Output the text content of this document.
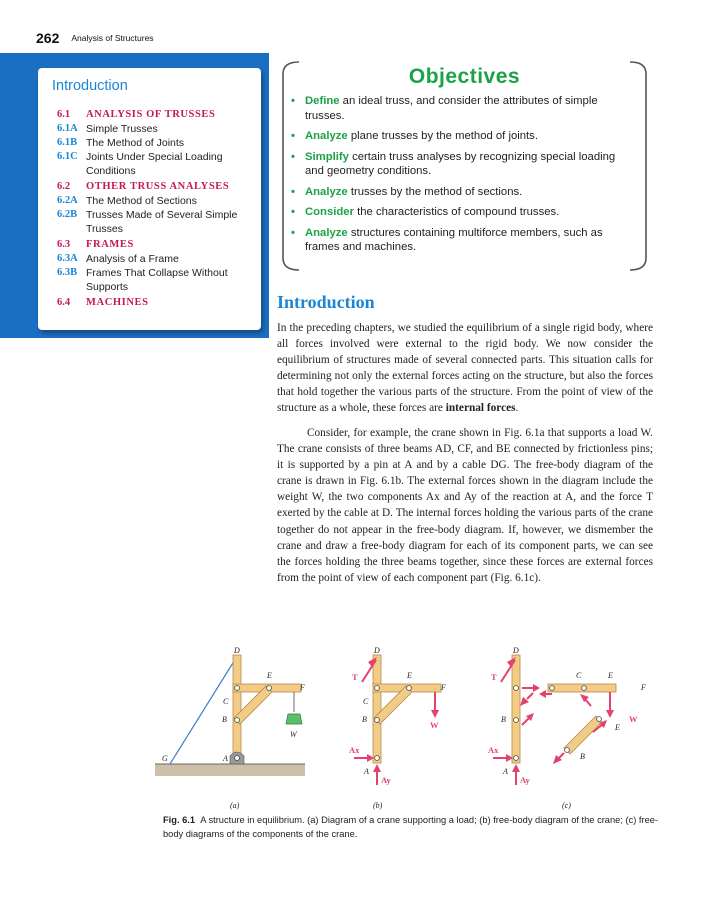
262 Analysis of Structures
Introduction
6.1	ANALYSIS OF TRUSSES
6.1A Simple Trusses
6.1B The Method of Joints
6.1C Joints Under Special Loading Conditions
6.2	OTHER TRUSS ANALYSES
6.2A The Method of Sections
6.2B Trusses Made of Several Simple Trusses
6.3	FRAMES
6.3A Analysis of a Frame
6.3B Frames That Collapse Without Supports
6.4	MACHINES
Objectives
• Define an ideal truss, and consider the attributes of simple trusses.
• Analyze plane trusses by the method of joints.
• Simplify certain truss analyses by recognizing special loading and geometry conditions.
• Analyze trusses by the method of sections.
• Consider the characteristics of compound trusses.
• Analyze structures containing multiforce members, such as frames and machines.
Introduction

In the preceding chapters, we studied the equilibrium of a single rigid body, where all forces involved were external to the rigid body. We now consider the equilibrium of structures made of several connected parts. This situation calls for determining not only the external forces acting on the structure, but also the forces that hold together the various parts of the structure. From the point of view of the structure as a whole, these forces are internal forces.

Consider, for example, the crane shown in Fig. 6.1a that supports a load W. The crane consists of three beams AD, CF, and BE connected by frictionless pins; it is supported by a pin at A and by a cable DG. The free-body diagram of the crane is drawn in Fig. 6.1b. The external forces shown in the diagram include the weight W, the two components Ax and Ay of the reaction at A, and the force T exerted by the cable at D. The internal forces holding the various parts of the crane together do not appear in the free-body diagram. If, however, we dismember the crane and draw a free-body diagram for each of its component parts, we can see the forces holding the three beams together, since these forces are external forces from the point of view of each component part (Fig. 6.1c).

D
E
F
C
B
W
G	A
(a)
D
T	E
F
C
B
W
Ax
A
Ay
(b)
D
T	C	E
F
B	W
E
B
Ax
A
Ay
(c)
Fig. 6.1 A structure in equilibrium. (a) Diagram of a crane supporting a load; (b) free-body diagram of the crane; (c) free-body diagrams of the components of the crane.
